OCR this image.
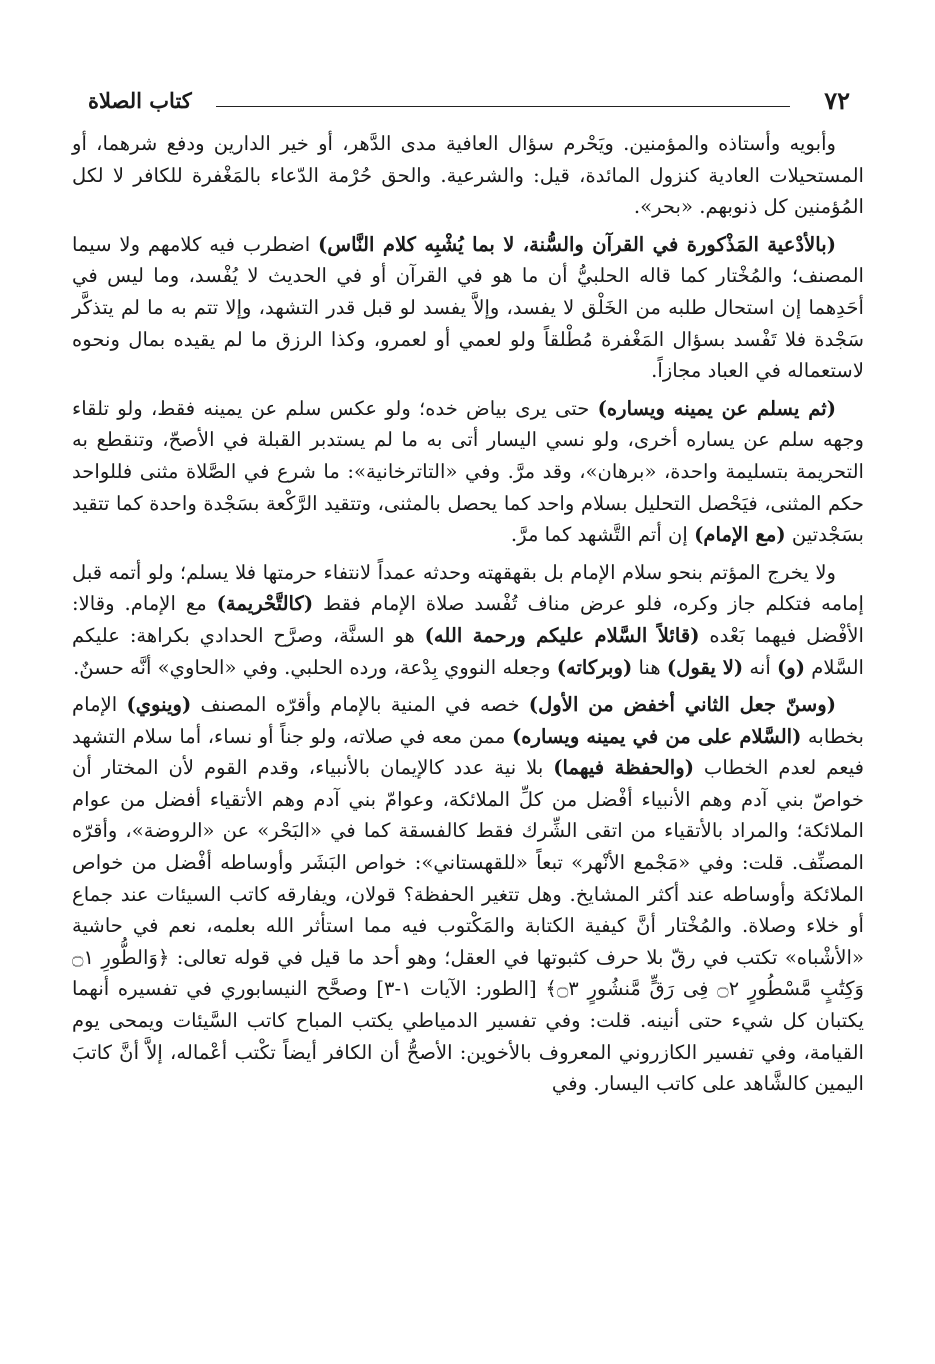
٧٢
كتاب الصلاة

وأبويه وأستاذه والمؤمنين. ويَحْرم سؤال العافية مدى الدَّهر، أو خير الدارين ودفع شرهما، أو المستحيلات العادية كنزول المائدة، قيل: والشرعية. والحق حُرْمة الدّعاء بالمَغْفرة للكافر لا لكل المُؤمنين كل ذنوبهم. «بحر».

(بالأدْعية المَذْكورة في القرآن والسُّنة، لا بما يُشْبِه كلام النَّاس) اضطرب فيه كلامهم ولا سيما المصنف؛ والمُخْتار كما قاله الحلبيُّ أن ما هو في القرآن أو في الحديث لا يُفْسد، وما ليس في أحَدِهما إن استحال طلبه من الخَلْق لا يفسد، وإلاَّ يفسد لو قبل قدر التشهد، وإلا تتم به ما لم يتذكَّر سَجْدة فلا تَفْسد بسؤال المَغْفرة مُطْلقاً ولو لعمي أو لعمرو، وكذا الرزق ما لم يقيده بمال ونحوه لاستعماله في العباد مجازاً.

(ثم يسلم عن يمينه ويساره) حتى يرى بياض خده؛ ولو عكس سلم عن يمينه فقط، ولو تلقاء وجهه سلم عن يساره أخرى، ولو نسي اليسار أتى به ما لم يستدبر القبلة في الأصحّ، وتنقطع به التحريمة بتسليمة واحدة، «برهان»، وقد مرَّ. وفي «التاترخانية»: ما شرع في الصَّلاة مثنى فللواحد حكم المثنى، فيَحْصل التحليل بسلام واحد كما يحصل بالمثنى، وتتقيد الرَّكْعة بسَجْدة واحدة كما تتقيد بسَجْدتين (مع الإمام) إن أتم التَّشهد كما مرَّ.

ولا يخرج المؤتم بنحو سلام الإمام بل بقهقهته وحدثه عمداً لانتفاء حرمتها فلا يسلم؛ ولو أتمه قبل إمامه فتكلم جاز وكره، فلو عرض مناف تُفْسد صلاة الإمام فقط (كالتَّحْريمة) مع الإمام. وقالا: الأفْضل فيهما بَعْده (قائلاً السَّلام عليكم ورحمة الله) هو السنَّة، وصرَّح الحدادي بكراهة: عليكم السَّلام (و) أنه (لا يقول) هنا (وبركاته) وجعله النووي بِدْعة، ورده الحلبي. وفي «الحاوي» أنَّه حسنٌ.

(وسنّ جعل الثاني أخفض من الأول) خصه في المنية بالإمام وأقرّه المصنف (وينوي) الإمام بخطابه (السَّلام على من في يمينه ويساره) ممن معه في صلاته، ولو جناً أو نساء، أما سلام التشهد فيعم لعدم الخطاب (والحفظة فيهما) بلا نية عدد كالإيمان بالأنبياء، وقدم القوم لأن المختار أن خواصّ بني آدم وهم الأنبياء أفْضل من كلِّ الملائكة، وعوامّ بني آدم وهم الأتقياء أفضل من عوام الملائكة؛ والمراد بالأتقياء من اتقى الشِّرك فقط كالفسقة كما في «البَحْر» عن «الروضة»، وأقرّه المصنِّف. قلت: وفي «مَجْمع الأنْهر» تبعاً «للقهستاني»: خواص البَشَر وأوساطه أفْضل من خواص الملائكة وأوساطه عند أكثر المشايخ. وهل تتغير الحفظة؟ قولان، ويفارقه كاتب السيئات عند جماع أو خلاء وصلاة. والمُخْتار أنَّ كيفية الكتابة والمَكْتوب فيه مما استأثر الله بعلمه، نعم في حاشية «الأشْباه» تكتب في رقّ بلا حرف كثبوتها في العقل؛ وهو أحد ما قيل في قوله تعالى: ﴿وَالطُّورِ ۝١ وَكِتَٰبٍ مَّسْطُورٍ ۝٢ فِى رَقٍّ مَّنشُورٍ ۝٣﴾ [الطور: الآيات ١-٣] وصحَّح النيسابوري في تفسيره أنهما يكتبان كل شيء حتى أنينه. قلت: وفي تفسير الدمياطي يكتب المباح كاتب السَّيئات ويمحى يوم القيامة، وفي تفسير الكازروني المعروف بالأخوين: الأصحُّ أن الكافر أيضاً تكْتب أعْماله، إلاَّ أنَّ كاتبَ اليمين كالشَّاهد على كاتب اليسار. وفي
